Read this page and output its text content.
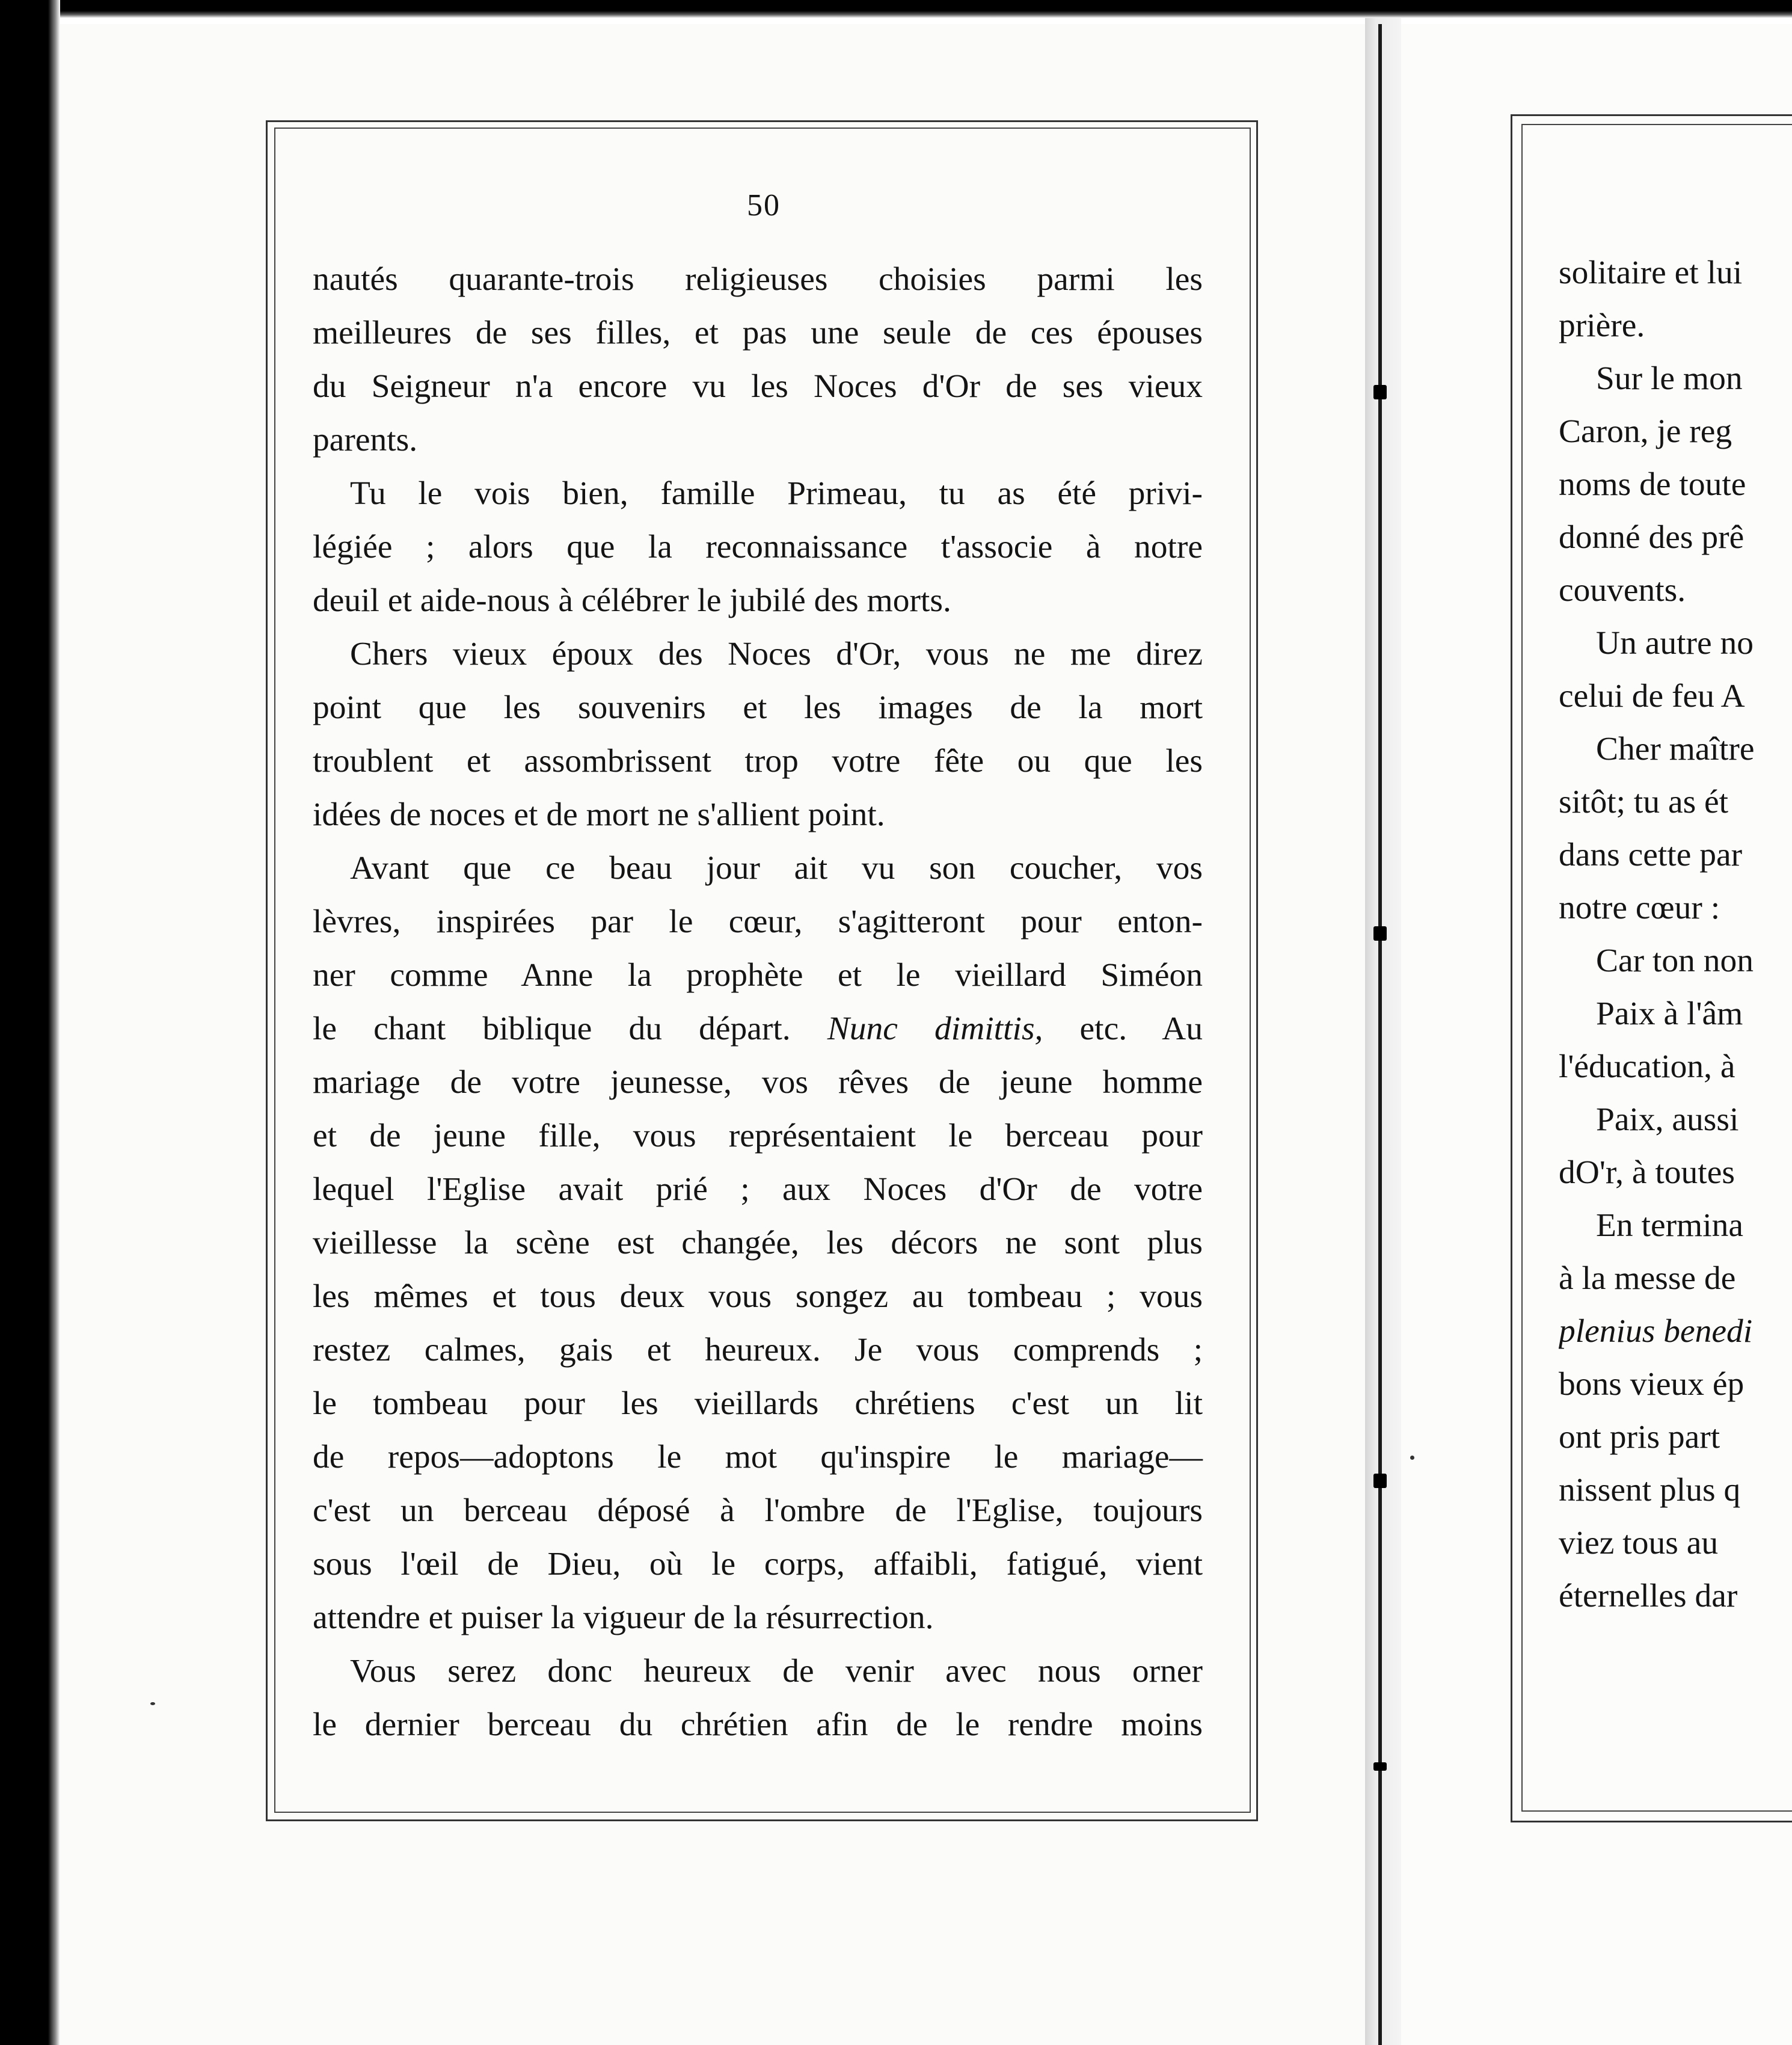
50
nautés quarante-trois religieuses choisies parmi les
meilleures de ses filles, et pas une seule de ces épouses
du Seigneur n'a encore vu les Noces d'Or de ses vieux
parents.
Tu le vois bien, famille Primeau, tu as été privi-
légiée ; alors que la reconnaissance t'associe à notre
deuil et aide-nous à célébrer le jubilé des morts.
Chers vieux époux des Noces d'Or, vous ne me direz
point que les souvenirs et les images de la mort
troublent et assombrissent trop votre fête ou que les
idées de noces et de mort ne s'allient point.
Avant que ce beau jour ait vu son coucher, vos
lèvres, inspirées par le cœur, s'agitteront pour enton-
ner comme Anne la prophète et le vieillard Siméon
le chant biblique du départ. Nunc dimittis, etc. Au
mariage de votre jeunesse, vos rêves de jeune homme
et de jeune fille, vous représentaient le berceau pour
lequel l'Eglise avait prié ; aux Noces d'Or de votre
vieillesse la scène est changée, les décors ne sont plus
les mêmes et tous deux vous songez au tombeau ; vous
restez calmes, gais et heureux. Je vous comprends ;
le tombeau pour les vieillards chrétiens c'est un lit
de repos—adoptons le mot qu'inspire le mariage—
c'est un berceau déposé à l'ombre de l'Eglise, toujours
sous l'œil de Dieu, où le corps, affaibli, fatigué, vient
attendre et puiser la vigueur de la résurrection.
Vous serez donc heureux de venir avec nous orner
le dernier berceau du chrétien afin de le rendre moins
solitaire et lui
prière.
Sur le mon
Caron, je reg
noms de toute
donné des prê
couvents.
Un autre no
celui de feu A
Cher maître
sitôt; tu as ét
dans cette par
notre cœur :
Car ton non
Paix à l'âm
l'éducation, à
Paix, aussi
dO'r, à toutes
En termina
à la messe de
plenius benedi
bons vieux ép
ont pris part
nissent plus q
viez tous au
éternelles dar
